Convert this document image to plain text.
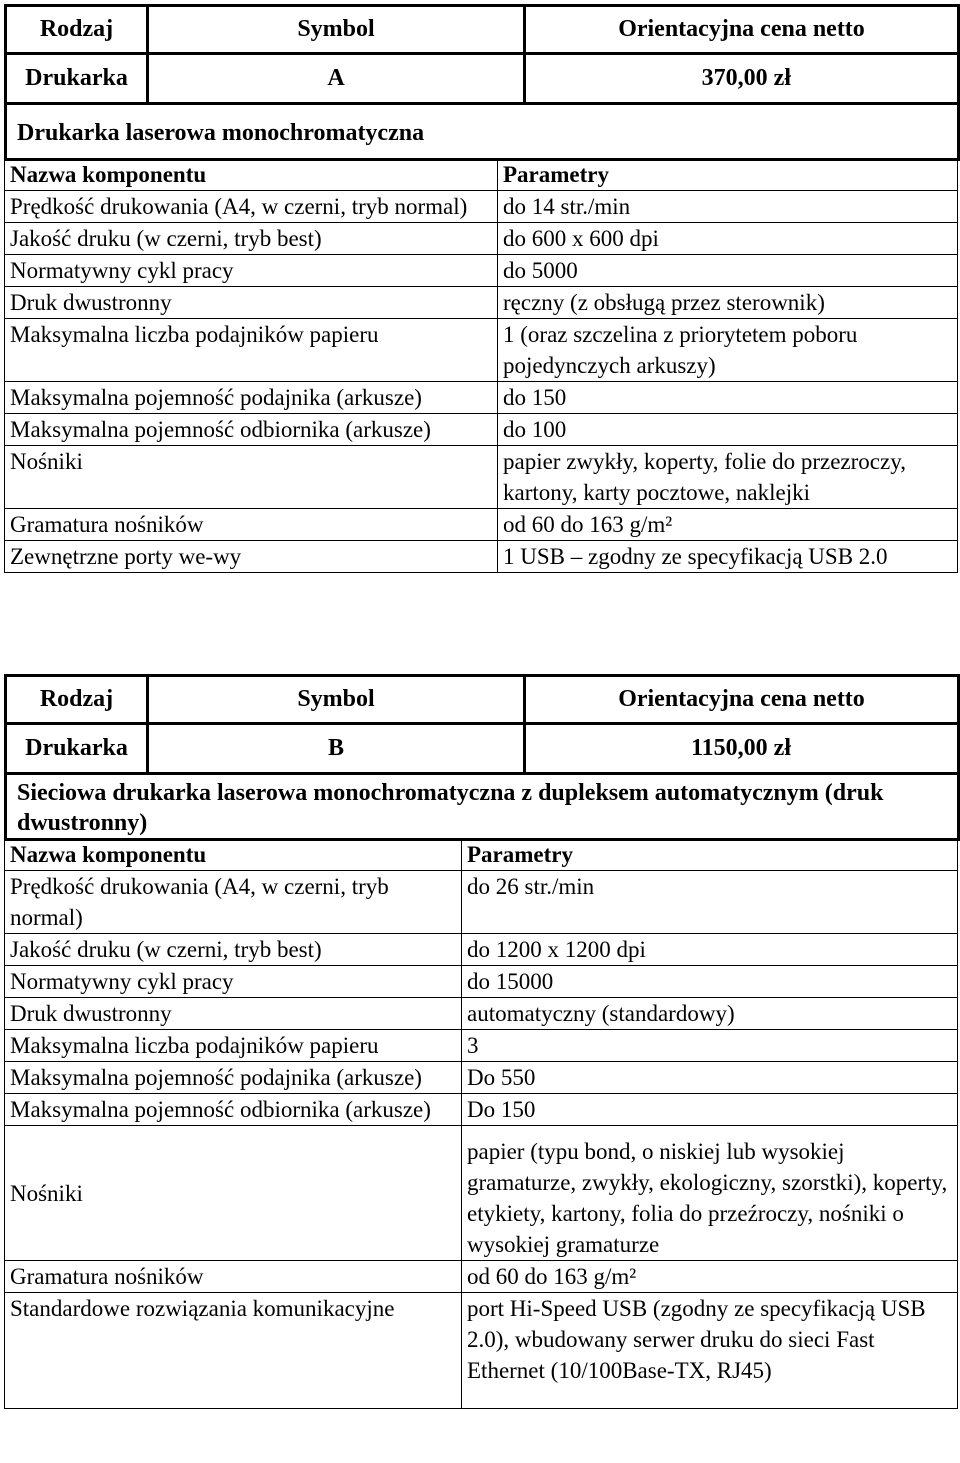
Rodzaj	Symbol	Orientacyjna cena netto
Drukarka	A	370,00 zł
Drukarka laserowa monochromatyczna		
Nazwa komponentu	Parametry
Prędkość drukowania (A4, w czerni, tryb normal)	do 14 str./min
Jakość druku (w czerni, tryb best)	do 600 x 600 dpi
Normatywny cykl pracy	do 5000
Druk dwustronny	ręczny (z obsługą przez sterownik)
Maksymalna liczba podajników papieru	1 (oraz szczelina z priorytetem poboru pojedynczych arkuszy)
Maksymalna pojemność podajnika (arkusze)	do 150
Maksymalna pojemność odbiornika (arkusze)	do 100
Nośniki	papier zwykły, koperty, folie do przezroczy, kartony, karty pocztowe, naklejki
Gramatura nośników	od 60 do 163 g/m²
Zewnętrzne porty we-wy	1 USB – zgodny ze specyfikacją USB 2.0
Rodzaj	Symbol	Orientacyjna cena netto
Drukarka	B	1150,00 zł
Sieciowa drukarka laserowa monochromatyczna z dupleksem automatycznym (druk dwustronny)		
Nazwa komponentu	Parametry
Prędkość drukowania (A4, w czerni, tryb normal)	do 26 str./min
Jakość druku (w czerni, tryb best)	do 1200 x 1200 dpi
Normatywny cykl pracy	do 15000
Druk dwustronny	automatyczny (standardowy)
Maksymalna liczba podajników papieru	3
Maksymalna pojemność podajnika (arkusze)	Do 550
Maksymalna pojemność odbiornika (arkusze)	Do 150
Nośniki	papier (typu bond, o niskiej lub wysokiej gramaturze, zwykły, ekologiczny, szorstki), koperty, etykiety, kartony, folia do przeźroczy, nośniki o wysokiej gramaturze
Gramatura nośników	od 60 do 163 g/m²
Standardowe rozwiązania komunikacyjne	port Hi-Speed USB (zgodny ze specyfikacją USB 2.0), wbudowany serwer druku do sieci Fast Ethernet (10/100Base-TX, RJ45)
